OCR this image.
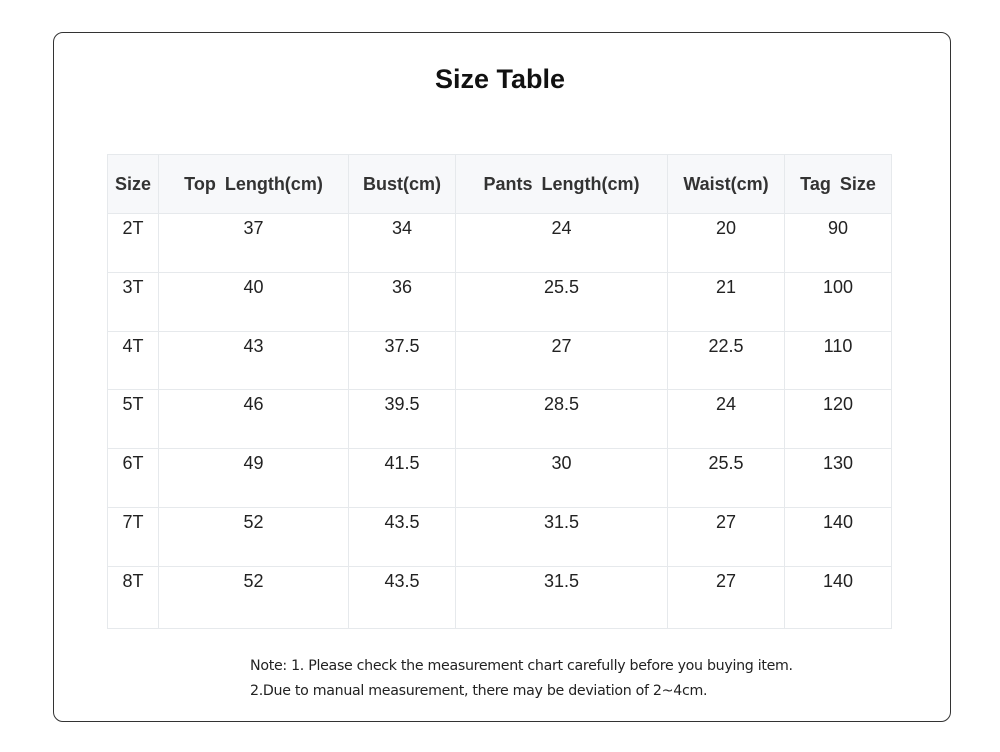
Size Table
Size	Top Length(cm)	Bust(cm)	Pants Length(cm)	Waist(cm)	Tag Size
2T	37	34	24	20	90
3T	40	36	25.5	21	100
4T	43	37.5	27	22.5	110
5T	46	39.5	28.5	24	120
6T	49	41.5	30	25.5	130
7T	52	43.5	31.5	27	140
8T	52	43.5	31.5	27	140
Note: 1. Please check the measurement chart carefully before you buying item.
2.Due to manual measurement, there may be deviation of 2~4cm.
